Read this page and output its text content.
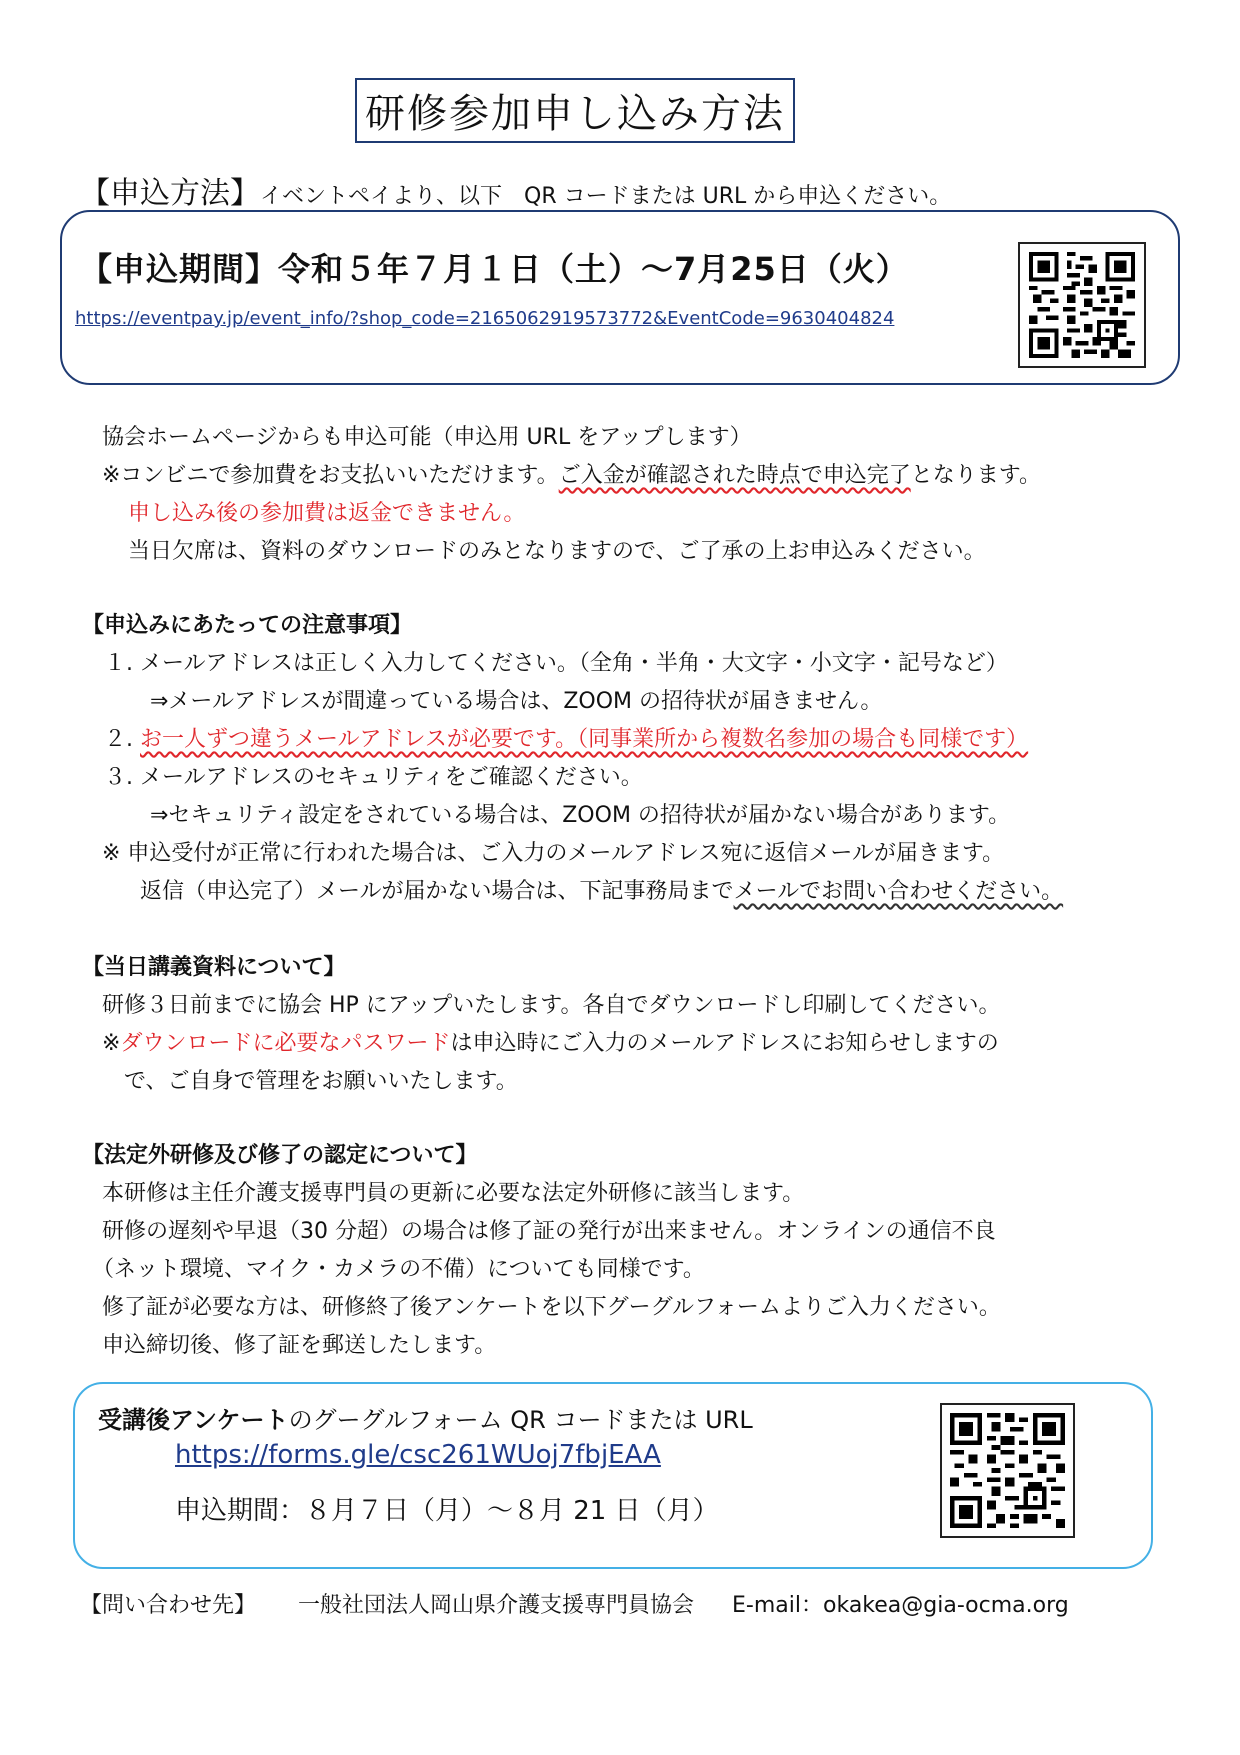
研修参加申し込み方法
【申込方法】イベントペイより、以下　QR コードまたは URL から申込ください。
【申込期間】令和５年７月１日（土）～7月25日（火）
https://eventpay.jp/event_info/?shop_code=2165062919573772&EventCode=9630404824
協会ホームページからも申込可能（申込用 URL をアップします）
※コンビニで参加費をお支払いいただけます。ご入金が確認された時点で申込完了となります。
申し込み後の参加費は返金できません。
当日欠席は、資料のダウンロードのみとなりますので、ご了承の上お申込みください。
【申込みにあたっての注意事項】
１. メールアドレスは正しく入力してください。（全角・半角・大文字・小文字・記号など）
⇒メールアドレスが間違っている場合は、ZOOM の招待状が届きません。
２. お一人ずつ違うメールアドレスが必要です。（同事業所から複数名参加の場合も同様です）
３. メールアドレスのセキュリティをご確認ください。
⇒セキュリティ設定をされている場合は、ZOOM の招待状が届かない場合があります。
※ 申込受付が正常に行われた場合は、ご入力のメールアドレス宛に返信メールが届きます。
返信（申込完了）メールが届かない場合は、下記事務局までメールでお問い合わせください。
【当日講義資料について】
研修３日前までに協会 HP にアップいたします。各自でダウンロードし印刷してください。
※ダウンロードに必要なパスワードは申込時にご入力のメールアドレスにお知らせしますの
で、ご自身で管理をお願いいたします。
【法定外研修及び修了の認定について】
本研修は主任介護支援専門員の更新に必要な法定外研修に該当します。
研修の遅刻や早退（30 分超）の場合は修了証の発行が出来ません。オンラインの通信不良
（ネット環境、マイク・カメラの不備）についても同様です。
修了証が必要な方は、研修終了後アンケートを以下グーグルフォームよりご入力ください。
申込締切後、修了証を郵送したします。
受講後アンケートのグーグルフォーム QR コードまたは URL
https://forms.gle/csc261WUoj7fbjEAA
申込期間：８月７日（月）～８月 21 日（月）
【問い合わせ先】 一般社団法人岡山県介護支援専門員協会 E-mail：okakea@gia-ocma.org
